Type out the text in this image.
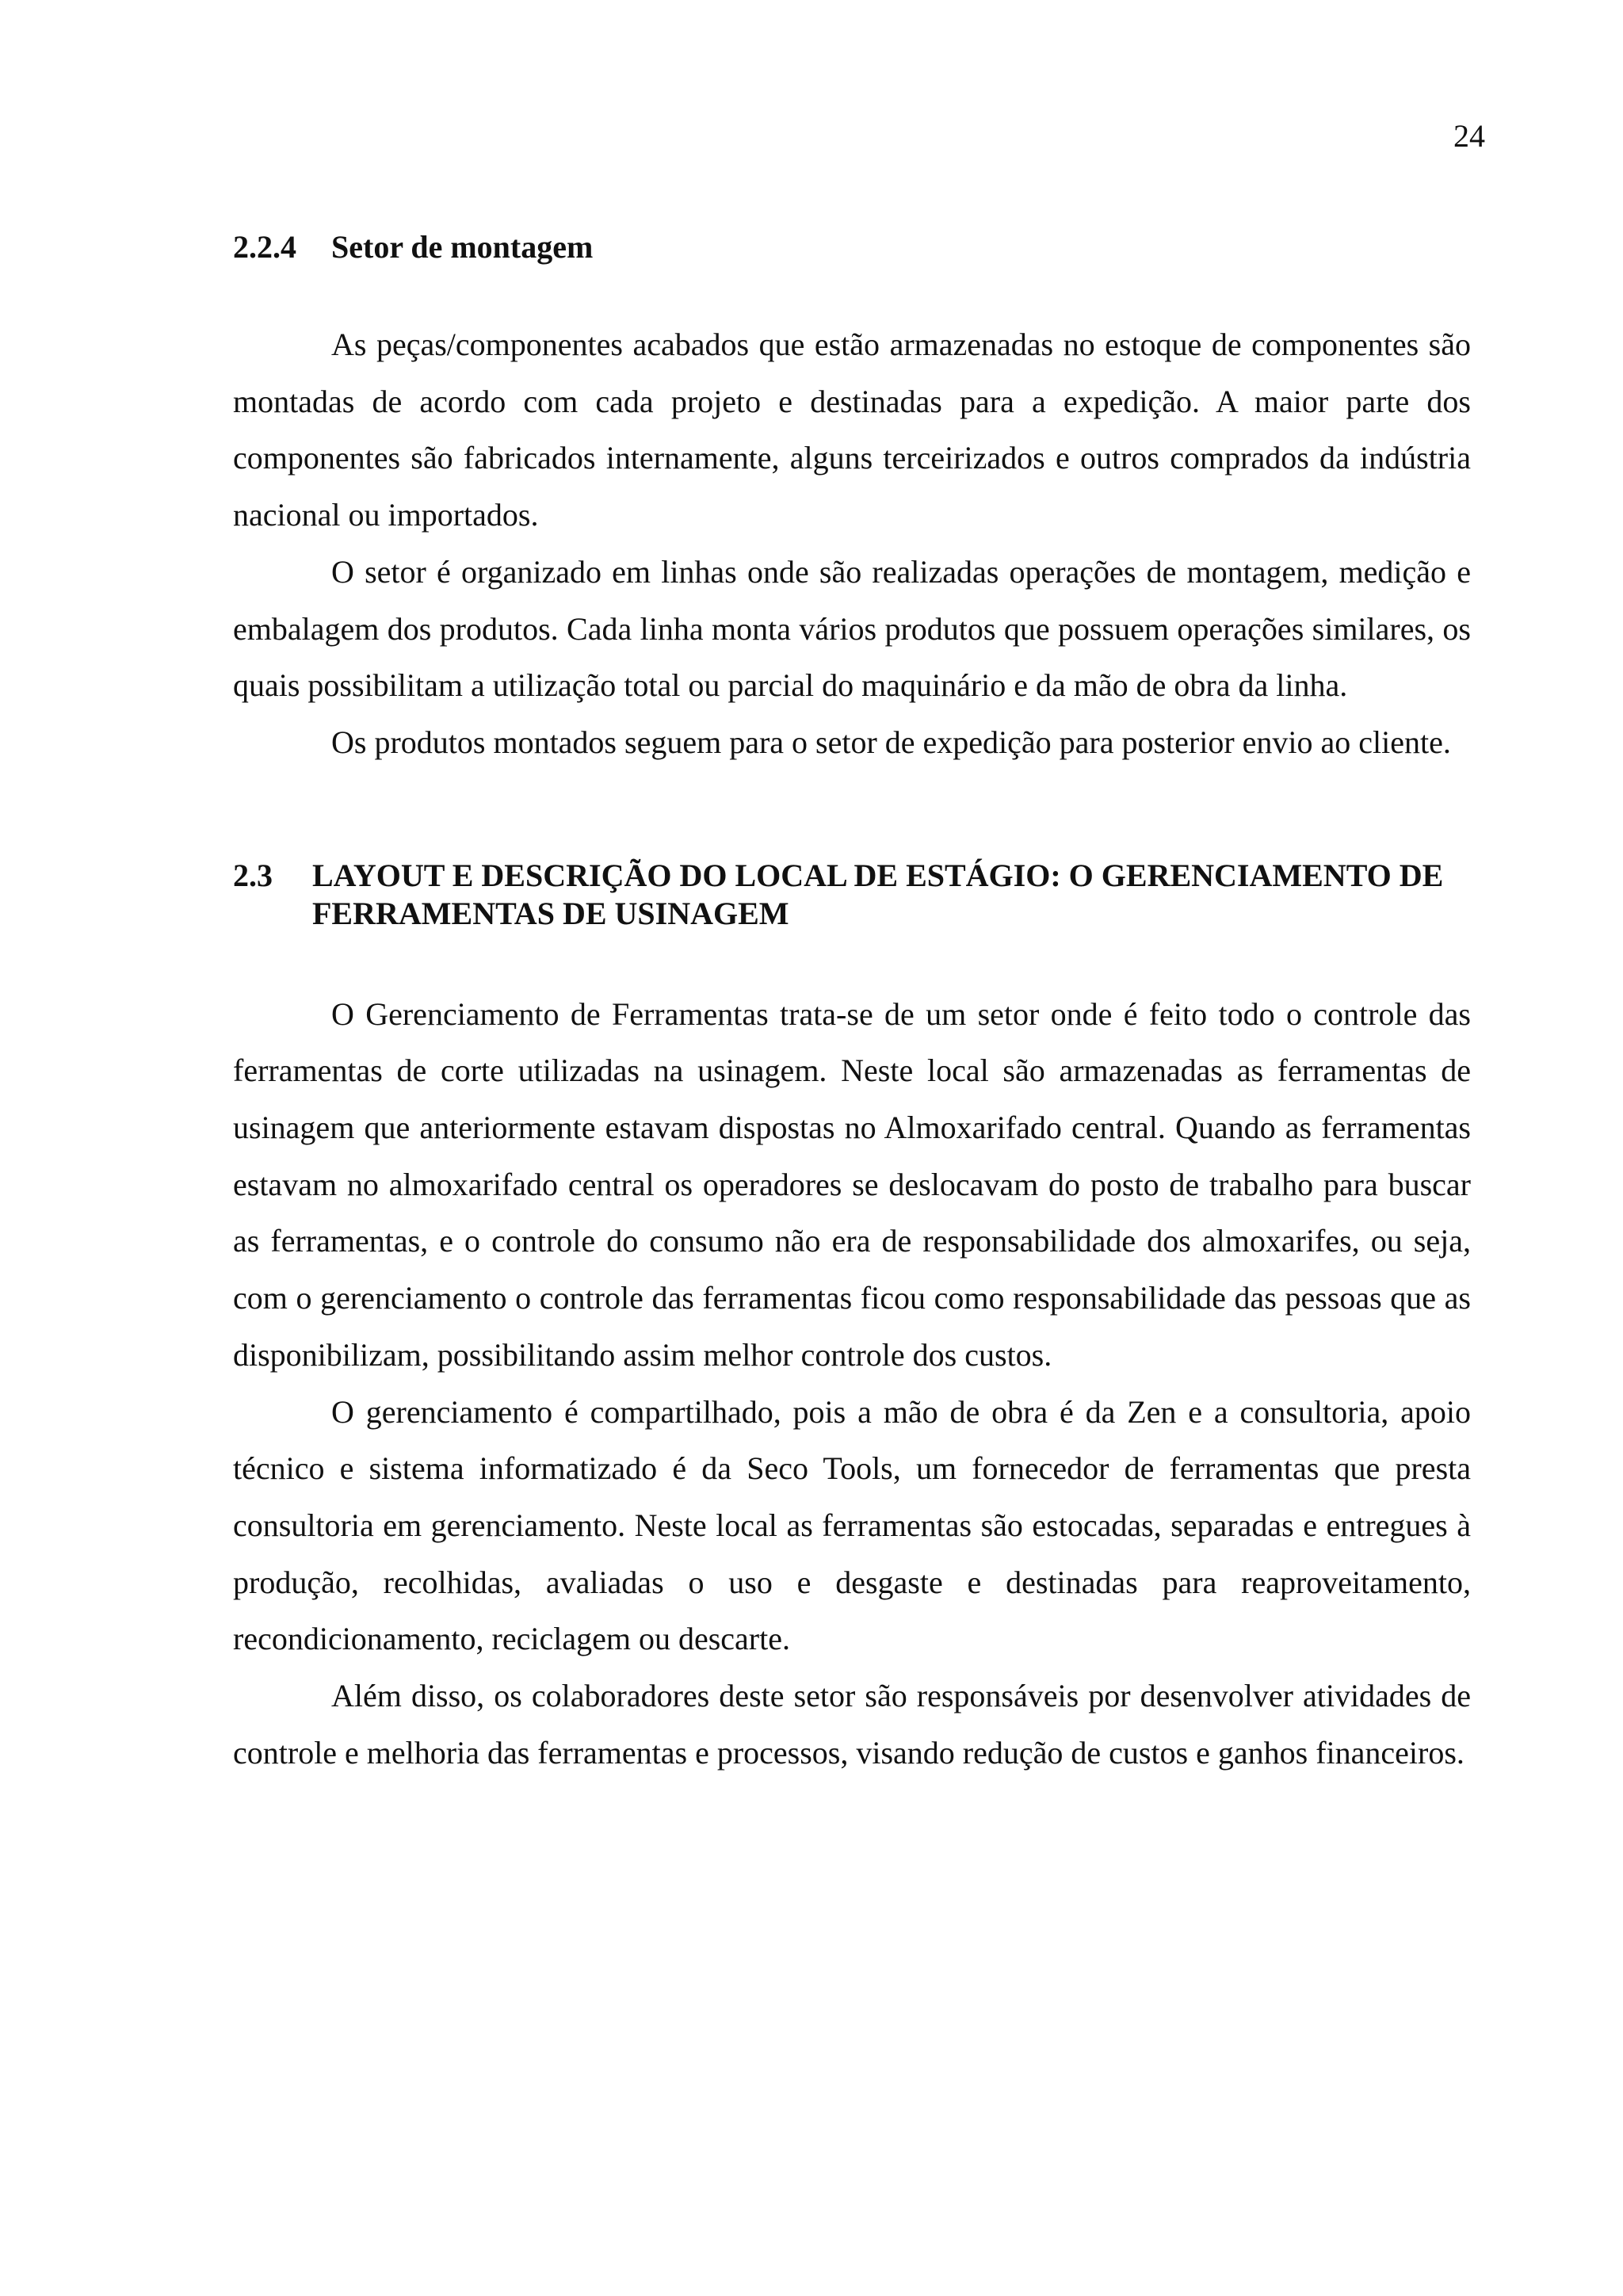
24
2.2.4	Setor de montagem

As peças/componentes acabados que estão armazenadas no estoque de componentes são montadas de acordo com cada projeto e destinadas para a expedição. A maior parte dos componentes são fabricados internamente, alguns terceirizados e outros comprados da indústria nacional ou importados.

O setor é organizado em linhas onde são realizadas operações de montagem, medição e embalagem dos produtos. Cada linha monta vários produtos que possuem operações similares, os quais possibilitam a utilização total ou parcial do maquinário e da mão de obra da linha.

Os produtos montados seguem para o setor de expedição para posterior envio ao cliente.

2.3	LAYOUT E DESCRIÇÃO DO LOCAL DE ESTÁGIO: O GERENCIAMENTO DE FERRAMENTAS DE USINAGEM

O Gerenciamento de Ferramentas trata-se de um setor onde é feito todo o controle das ferramentas de corte utilizadas na usinagem. Neste local são armazenadas as ferramentas de usinagem que anteriormente estavam dispostas no Almoxarifado central. Quando as ferramentas estavam no almoxarifado central os operadores se deslocavam do posto de trabalho para buscar as ferramentas, e o controle do consumo não era de responsabilidade dos almoxarifes, ou seja, com o gerenciamento o controle das ferramentas ficou como responsabilidade das pessoas que as disponibilizam, possibilitando assim melhor controle dos custos.

O gerenciamento é compartilhado, pois a mão de obra é da Zen e a consultoria, apoio técnico e sistema informatizado é da Seco Tools, um fornecedor de ferramentas que presta consultoria em gerenciamento. Neste local as ferramentas são estocadas, separadas e entregues à produção, recolhidas, avaliadas o uso e desgaste e destinadas para reaproveitamento, recondicionamento, reciclagem ou descarte.

Além disso, os colaboradores deste setor são responsáveis por desenvolver atividades de controle e melhoria das ferramentas e processos, visando redução de custos e ganhos financeiros.
